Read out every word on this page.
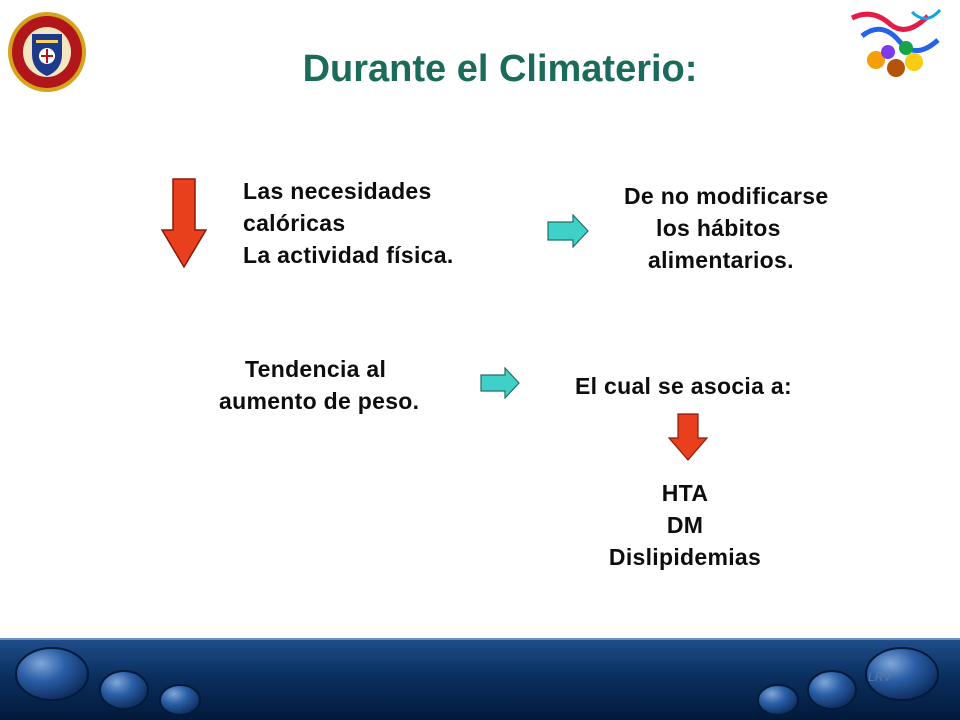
Durante el Climaterio:
Las necesidades
calóricas
La actividad física.
De no modificarse
los hábitos
alimentarios.
Tendencia al
aumento de peso.
El cual se asocia a:
HTA
DM
Dislipidemias
LRV
